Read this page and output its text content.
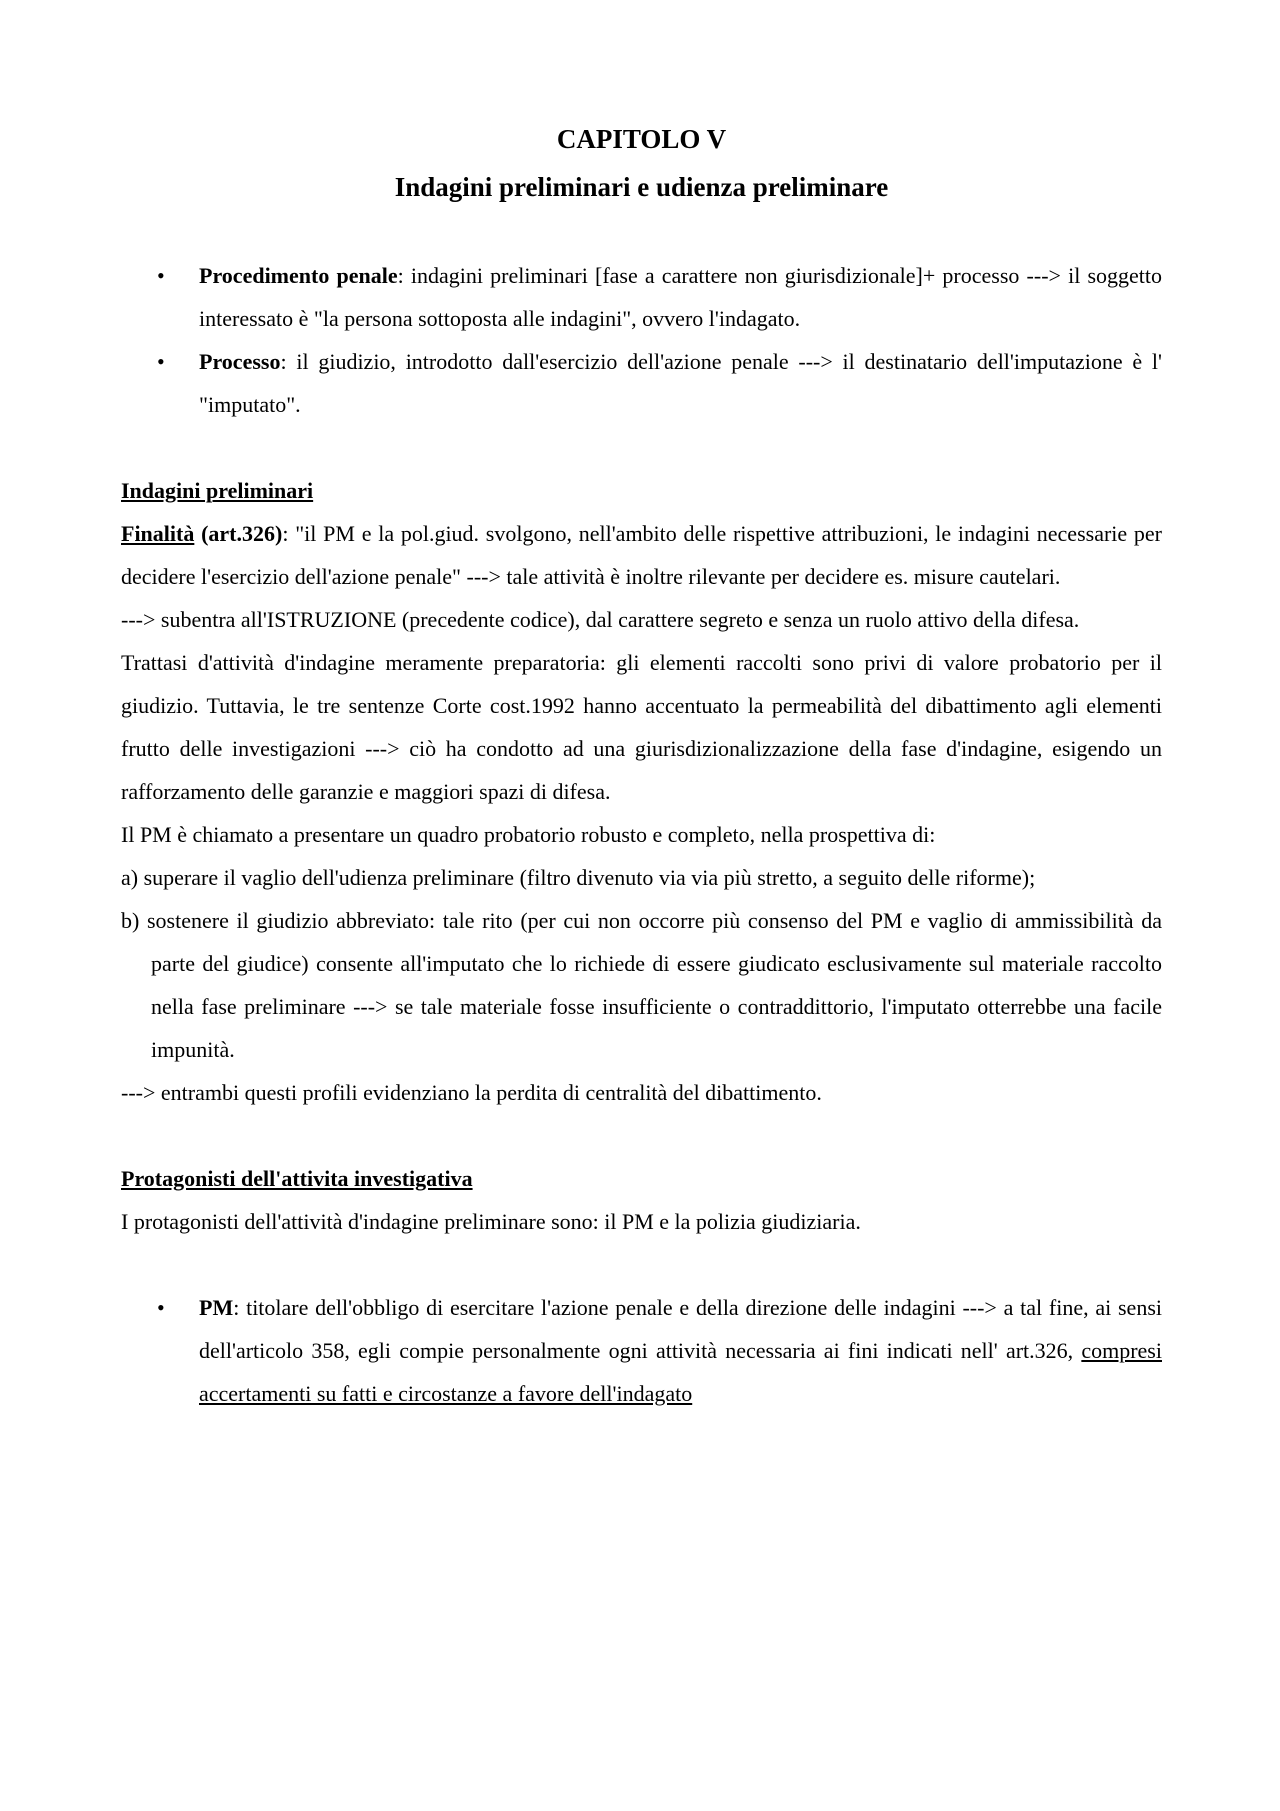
CAPITOLO V
Indagini preliminari e udienza preliminare
• Procedimento penale: indagini preliminari [fase a carattere non giurisdizionale]+ processo ---> il soggetto interessato è "la persona sottoposta alle indagini", ovvero l'indagato.
• Processo: il giudizio, introdotto dall'esercizio dell'azione penale ---> il destinatario dell'imputazione è l' "imputato".
Indagini preliminari

Finalità (art.326): "il PM e la pol.giud. svolgono, nell'ambito delle rispettive attribuzioni, le indagini necessarie per decidere l'esercizio dell'azione penale" ---> tale attività è inoltre rilevante per decidere es. misure cautelari.

---> subentra all'ISTRUZIONE (precedente codice), dal carattere segreto e senza un ruolo attivo della difesa.

Trattasi d'attività d'indagine meramente preparatoria: gli elementi raccolti sono privi di valore probatorio per il giudizio. Tuttavia, le tre sentenze Corte cost.1992 hanno accentuato la permeabilità del dibattimento agli elementi frutto delle investigazioni ---> ciò ha condotto ad una giurisdizionalizzazione della fase d'indagine, esigendo un rafforzamento delle garanzie e maggiori spazi di difesa.

Il PM è chiamato a presentare un quadro probatorio robusto e completo, nella prospettiva di:

a) superare il vaglio dell'udienza preliminare (filtro divenuto via via più stretto, a seguito delle riforme);

b) sostenere il giudizio abbreviato: tale rito (per cui non occorre più consenso del PM e vaglio di ammissibilità da parte del giudice) consente all'imputato che lo richiede di essere giudicato esclusivamente sul materiale raccolto nella fase preliminare ---> se tale materiale fosse insufficiente o contraddittorio, l'imputato otterrebbe una facile impunità.

---> entrambi questi profili evidenziano la perdita di centralità del dibattimento.

Protagonisti dell'attivita investigativa

I protagonisti dell'attività d'indagine preliminare sono: il PM e la polizia giudiziaria.

• PM: titolare dell'obbligo di esercitare l'azione penale e della direzione delle indagini ---> a tal fine, ai sensi dell'articolo 358, egli compie personalmente ogni attività necessaria ai fini indicati nell' art.326, compresi accertamenti su fatti e circostanze a favore dell'indagato
